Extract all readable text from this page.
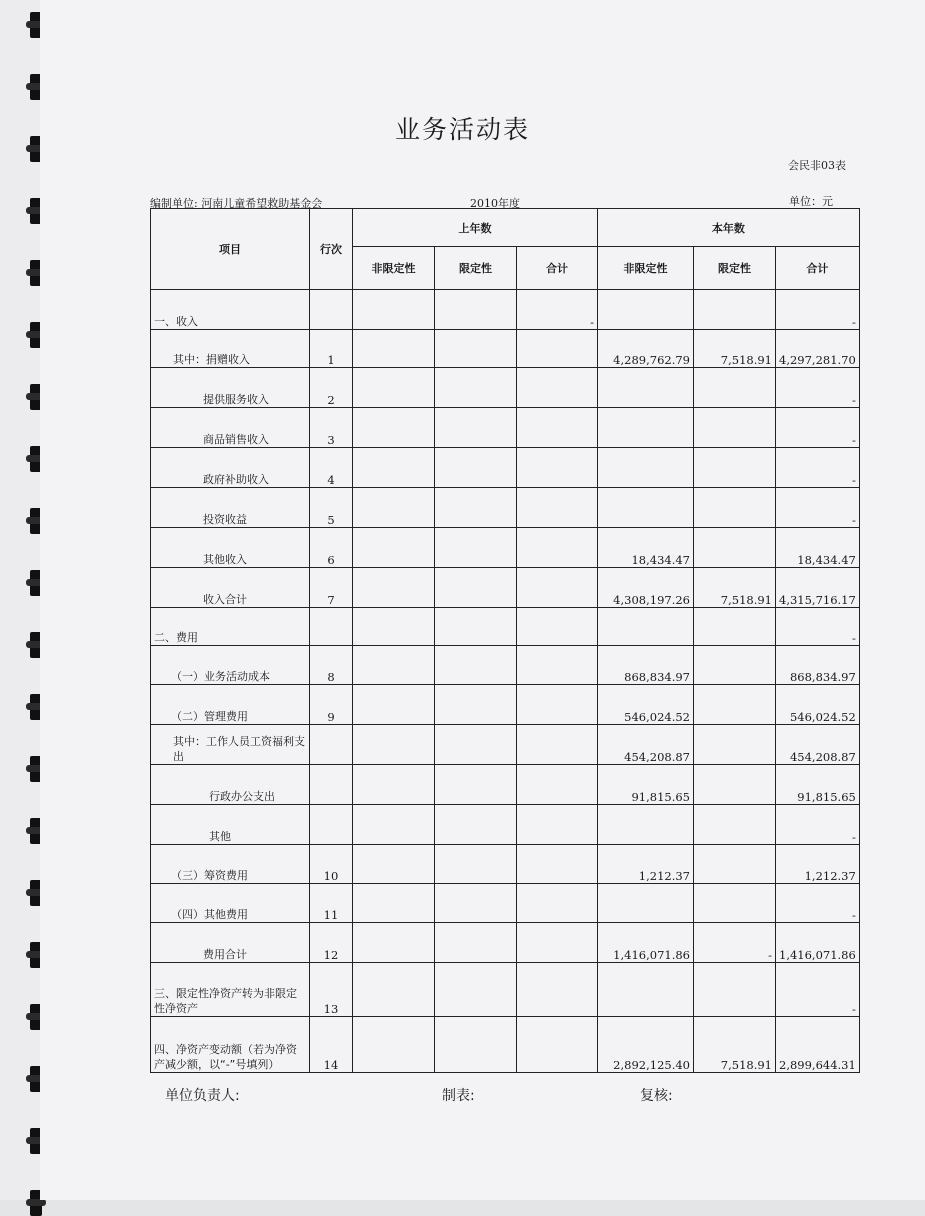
业务活动表
会民非03表
编制单位: 河南儿童希望救助基金会	2010年度	单位：元
项目	行次	上年数			本年数		
		非限定性	限定性	合计	非限定性	限定性	合计
一、收入				-			-
其中：捐赠收入	1				4,289,762.79	7,518.91	4,297,281.70
提供服务收入	2						-
商品销售收入	3						-
政府补助收入	4						-
投资收益	5						-
其他收入	6				18,434.47		18,434.47
收入合计	7				4,308,197.26	7,518.91	4,315,716.17
二、费用							-
（一）业务活动成本	8				868,834.97		868,834.97
（二）管理费用	9				546,024.52		546,024.52
其中：工作人员工资福利支出					454,208.87		454,208.87
行政办公支出					91,815.65		91,815.65
其他							-
（三）筹资费用	10				1,212.37		1,212.37
（四）其他费用	11						-
费用合计	12				1,416,071.86	-	1,416,071.86
三、限定性净资产转为非限定性净资产	13						-
四、净资产变动额（若为净资产减少额，以“-”号填列）	14				2,892,125.40	7,518.91	2,899,644.31
单位负责人:	制表:	复核:
